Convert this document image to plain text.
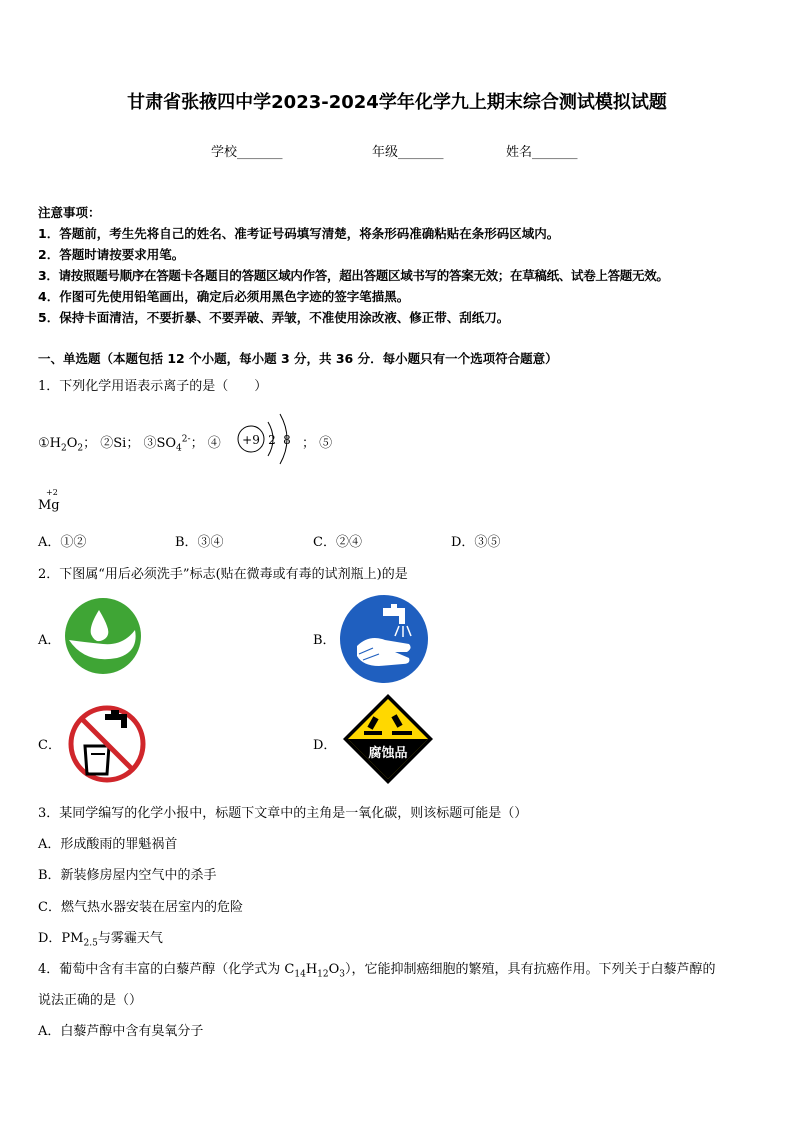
甘肃省张掖四中学2023-2024学年化学九上期末综合测试模拟试题
学校_______	年级_______	姓名_______
注意事项：
1．答题前，考生先将自己的姓名、准考证号码填写清楚，将条形码准确粘贴在条形码区域内。
2．答题时请按要求用笔。
3．请按照题号顺序在答题卡各题目的答题区域内作答，超出答题区域书写的答案无效；在草稿纸、试卷上答题无效。
4．作图可先使用铅笔画出，确定后必须用黑色字迹的签字笔描黑。
5．保持卡面清洁，不要折暴、不要弄破、弄皱，不准使用涂改液、修正带、刮纸刀。
一、单选题（本题包括 12 个小题，每小题 3 分，共 36 分．每小题只有一个选项符合题意）
1．下列化学用语表示离子的是（　　）
$①H_2O_2$； ②Si； $③SO_4^{2-}$； ④ +9 2 8 ； ⑤
+2
Mg
A．①②	B．③④	C．②④	D．③⑤
2．下图属“用后必须洗手”标志(贴在微毒或有毒的试剂瓶上)的是
A．	B．
C．	D．
腐蚀品
3．某同学编写的化学小报中，标题下文章中的主角是一氧化碳，则该标题可能是（）
A．形成酸雨的罪魁祸首
B．新装修房屋内空气中的杀手
C．燃气热水器安装在居室内的危险
D．$PM_{2.5}$与雾霾天气
4．葡萄中含有丰富的白藜芦醇（化学式为 $C_{14}H_{12}O_3$），它能抑制癌细胞的繁殖，具有抗癌作用。下列关于白藜芦醇的
说法正确的是（）
A．白藜芦醇中含有臭氧分子
